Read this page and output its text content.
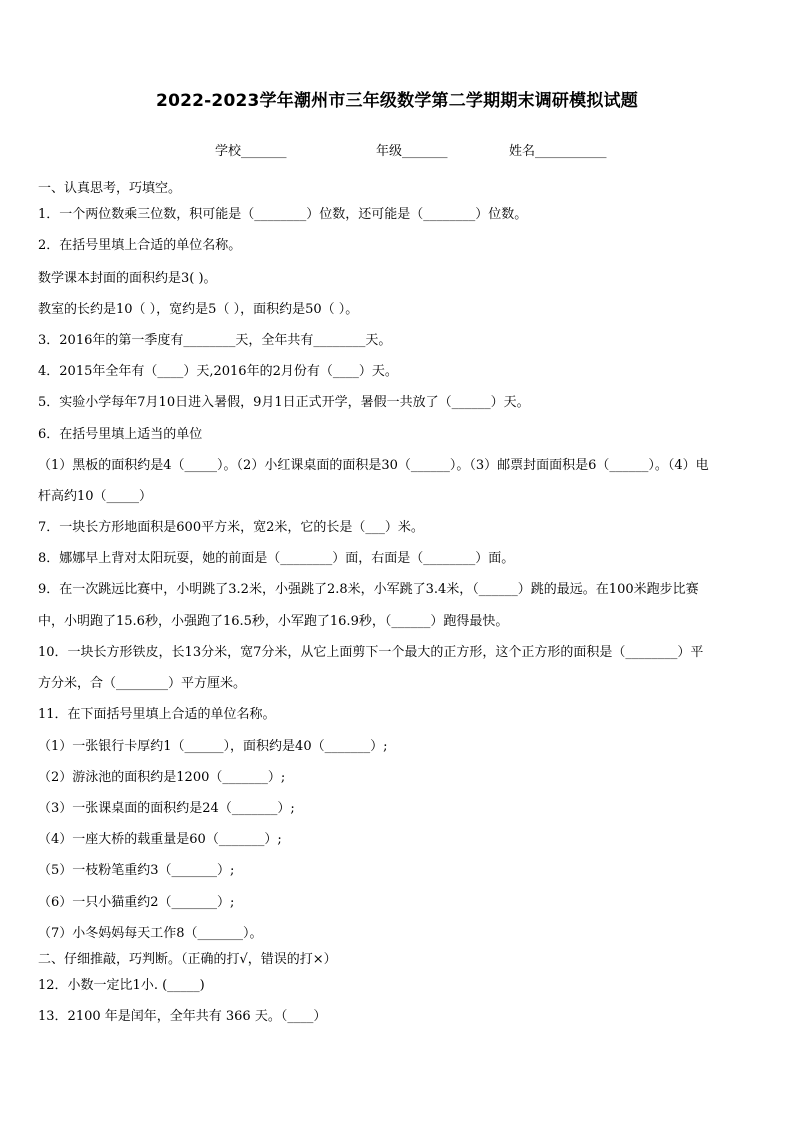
2022-2023学年潮州市三年级数学第二学期期末调研模拟试题
学校_______	年级_______	姓名___________
一、认真思考，巧填空。
1．一个两位数乘三位数，积可能是（________）位数，还可能是（________）位数。
2．在括号里填上合适的单位名称。
数学课本封面的面积约是3( )。
教室的长约是10（ ），宽约是5（ ），面积约是50（ ）。
3．2016年的第一季度有________天，全年共有________天。
4．2015年全年有（____）天,2016年的2月份有（____）天。
5．实验小学每年7月10日进入暑假，9月1日正式开学，暑假一共放了（______）天。
6．在括号里填上适当的单位
（1）黑板的面积约是4（_____）。（2）小红课桌面的面积是30（______）。（3）邮票封面面积是6（______）。（4）电
杆高约10（_____）
7．一块长方形地面积是600平方米，宽2米，它的长是（___）米。
8．娜娜早上背对太阳玩耍，她的前面是（________）面，右面是（________）面。
9．在一次跳远比赛中，小明跳了3.2米，小强跳了2.8米，小军跳了3.4米，（______）跳的最远。在100米跑步比赛
中，小明跑了15.6秒，小强跑了16.5秒，小军跑了16.9秒，（______）跑得最快。
10．一块长方形铁皮，长13分米，宽7分米，从它上面剪下一个最大的正方形，这个正方形的面积是（________）平
方分米，合（________）平方厘米。
11．在下面括号里填上合适的单位名称。
（1）一张银行卡厚约1（______），面积约是40（_______）;
（2）游泳池的面积约是1200（_______）;
（3）一张课桌面的面积约是24（_______）;
（4）一座大桥的载重量是60（_______）;
（5）一枝粉笔重约3（_______）;
（6）一只小猫重约2（_______）;
（7）小冬妈妈每天工作8（_______）。
二、仔细推敲，巧判断。（正确的打√，错误的打×）
12．小数一定比1小. (_____)
13．2100 年是闰年，全年共有 366 天。（____）
